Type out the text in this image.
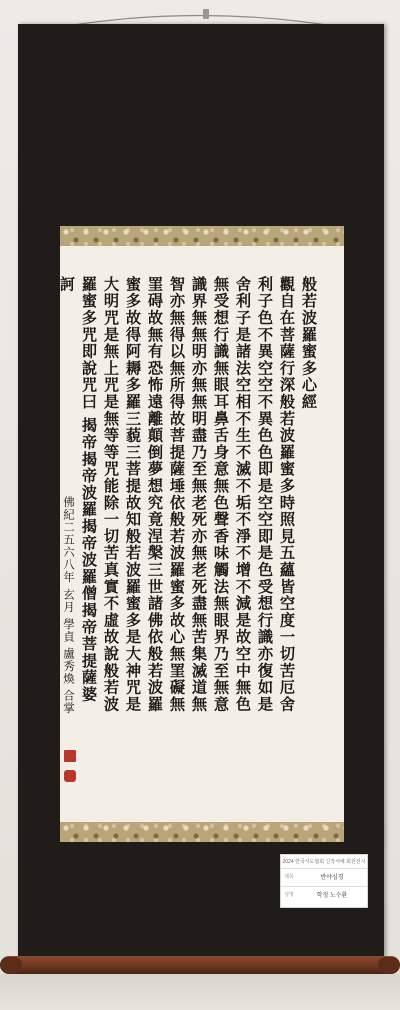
般若波羅蜜多心經
觀自在菩薩行深般若波羅蜜多時照見五蘊皆空度一切苦厄舍
利子色不異空空不異色色即是空空即是色受想行識亦復如是
舍利子是諸法空相不生不滅不垢不淨不增不減是故空中無色
無受想行識無眼耳鼻舌身意無色聲香味觸法無眼界乃至無意
識界無無明亦無無明盡乃至無老死亦無老死盡無苦集滅道無
智亦無得以無所得故菩提薩埵依般若波羅蜜多故心無罣礙無
罣碍故無有恐怖遠離顛倒夢想究竟涅槃三世諸佛依般若波羅
蜜多故得阿耨多羅三藐三菩提故知般若波羅蜜多是大神咒是
大明咒是無上咒是無等等咒能除一切苦真實不虛故說般若波
羅蜜多咒即說咒曰 揭帝揭帝波羅揭帝波羅僧揭帝菩提薩婆
訶
佛紀二五六八年 玄月 學貞 盧秀煥 合掌
2024 한국서도협회 신작서예 회원전시
제목	반야심경
성명	학정 노수환
